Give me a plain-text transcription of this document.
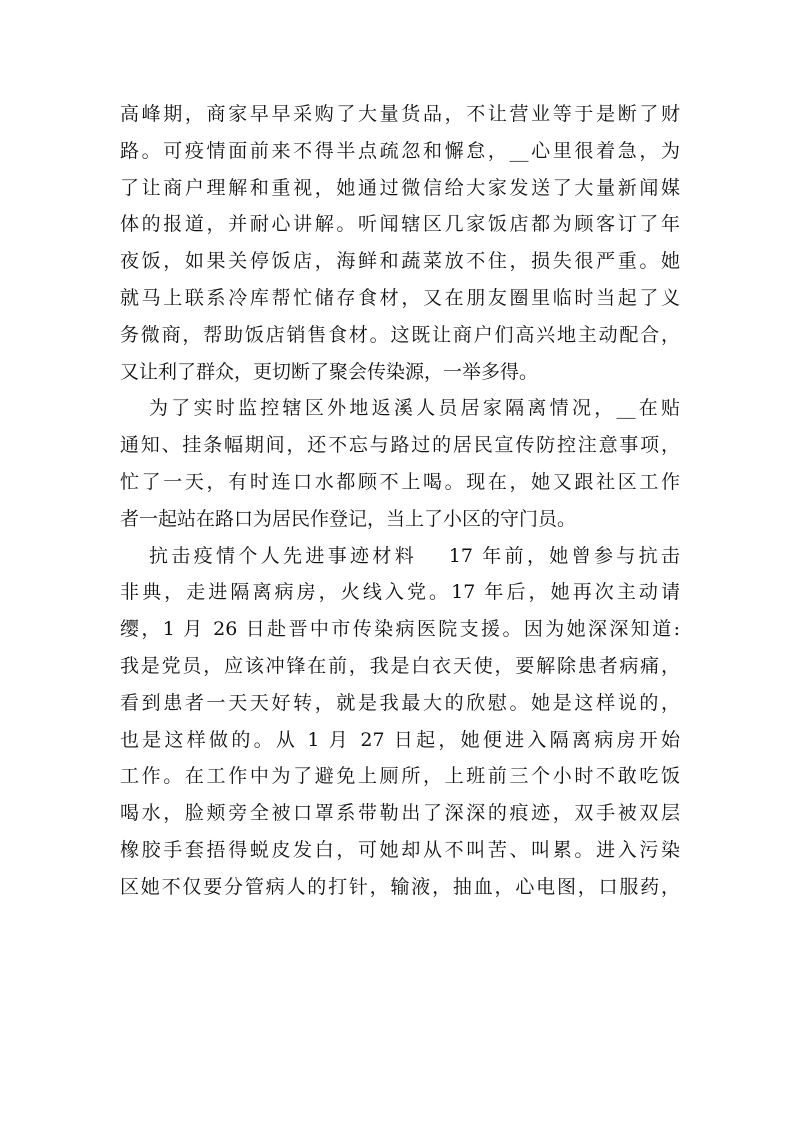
高峰期，商家早早采购了大量货品，不让营业等于是断了财
路。可疫情面前来不得半点疏忽和懈怠，__心里很着急，为
了让商户理解和重视，她通过微信给大家发送了大量新闻媒
体的报道，并耐心讲解。听闻辖区几家饭店都为顾客订了年
夜饭，如果关停饭店，海鲜和蔬菜放不住，损失很严重。她
就马上联系冷库帮忙储存食材，又在朋友圈里临时当起了义
务微商，帮助饭店销售食材。这既让商户们高兴地主动配合，
又让利了群众，更切断了聚会传染源，一举多得。
为了实时监控辖区外地返溪人员居家隔离情况，__在贴
通知、挂条幅期间，还不忘与路过的居民宣传防控注意事项，
忙了一天，有时连口水都顾不上喝。现在，她又跟社区工作
者一起站在路口为居民作登记，当上了小区的守门员。
抗击疫情个人先进事迹材料　 17 年前，她曾参与抗击
非典，走进隔离病房，火线入党。17 年后，她再次主动请
缨，1 月 26 日赴晋中市传染病医院支援。因为她深深知道:
我是党员，应该冲锋在前，我是白衣天使，要解除患者病痛，
看到患者一天天好转，就是我最大的欣慰。她是这样说的，
也是这样做的。从 1 月 27 日起，她便进入隔离病房开始
工作。在工作中为了避免上厕所，上班前三个小时不敢吃饭
喝水，脸颊旁全被口罩系带勒出了深深的痕迹，双手被双层
橡胶手套捂得蜕皮发白，可她却从不叫苦、叫累。进入污染
区她不仅要分管病人的打针，输液，抽血，心电图，口服药，
